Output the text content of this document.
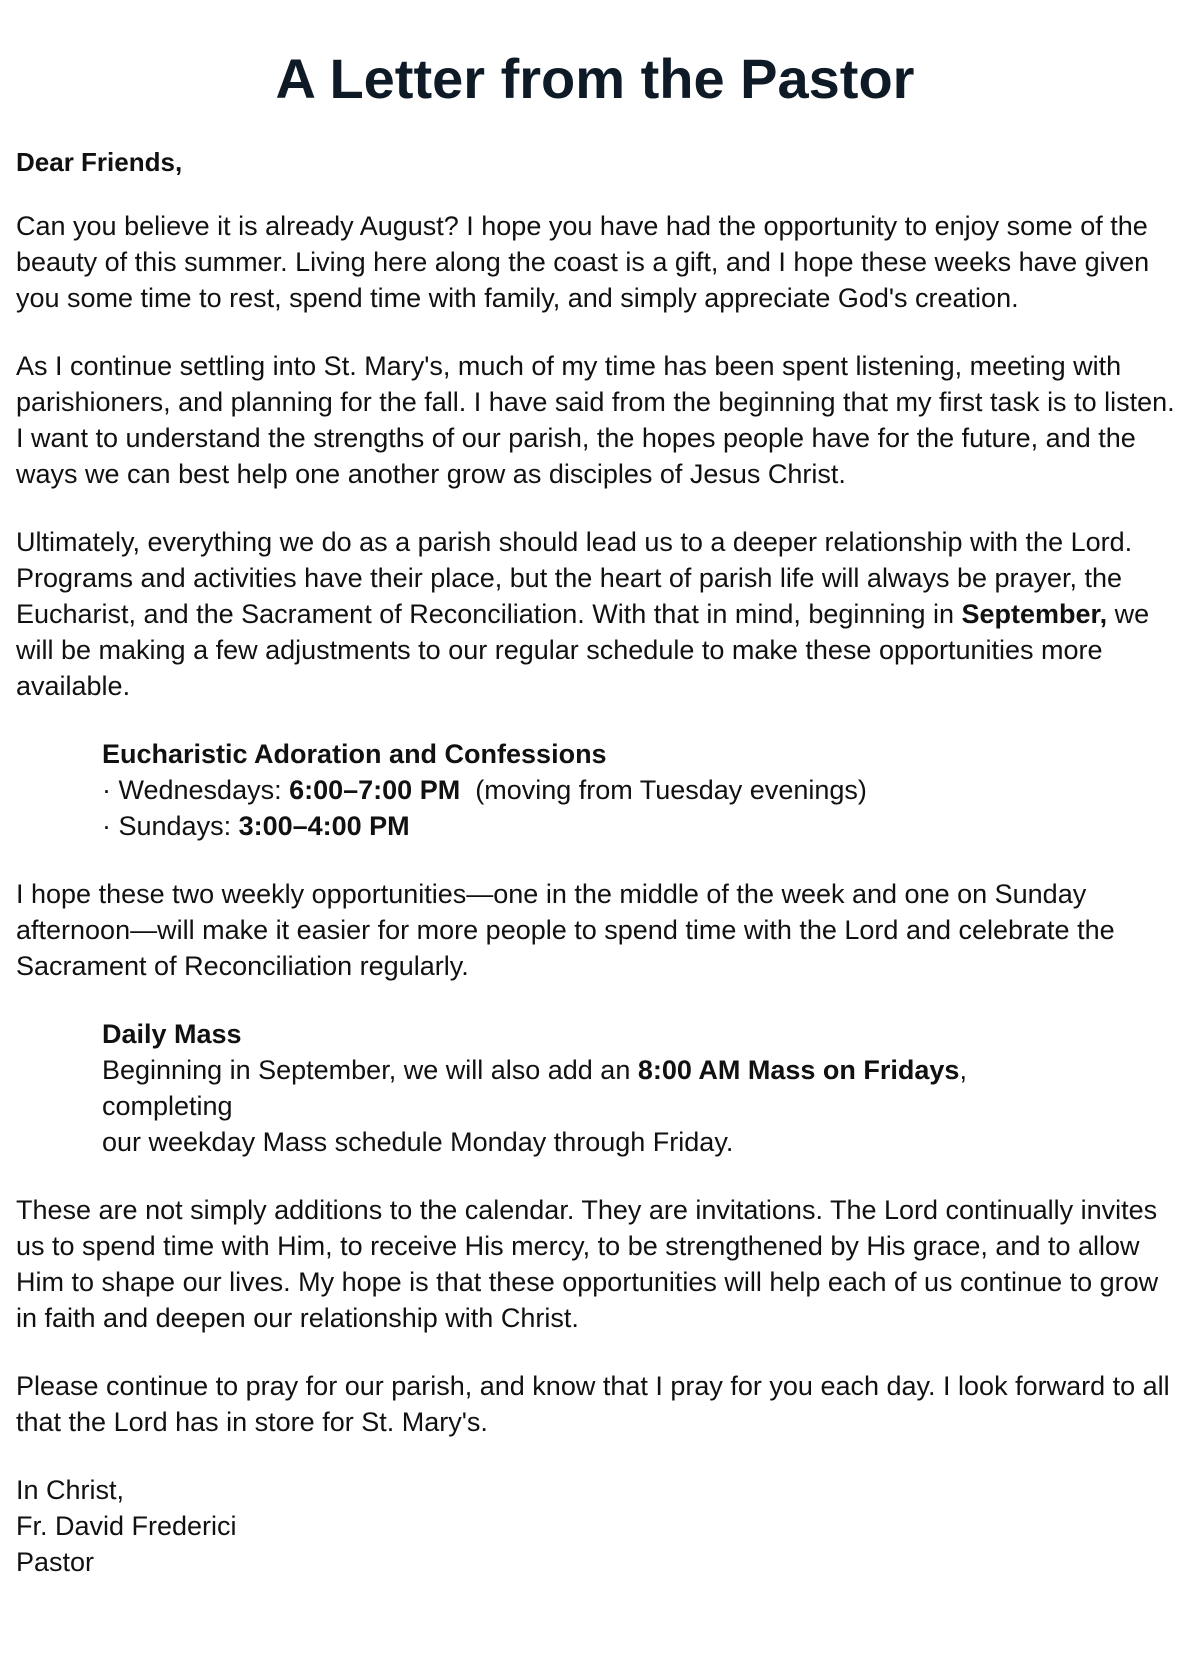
A Letter from the Pastor
Dear Friends,

Can you believe it is already August? I hope you have had the opportunity to enjoy some of the beauty of this summer. Living here along the coast is a gift, and I hope these weeks have given you some time to rest, spend time with family, and simply appreciate God's creation.

As I continue settling into St. Mary's, much of my time has been spent listening, meeting with parishioners, and planning for the fall. I have said from the beginning that my first task is to listen. I want to understand the strengths of our parish, the hopes people have for the future, and the ways we can best help one another grow as disciples of Jesus Christ.

Ultimately, everything we do as a parish should lead us to a deeper relationship with the Lord. Programs and activities have their place, but the heart of parish life will always be prayer, the Eucharist, and the Sacrament of Reconciliation. With that in mind, beginning in September, we will be making a few adjustments to our regular schedule to make these opportunities more available.

Eucharistic Adoration and Confessions
· Wednesdays: 6:00–7:00 PM  (moving from Tuesday evenings)
· Sundays: 3:00–4:00 PM

I hope these two weekly opportunities—one in the middle of the week and one on Sunday afternoon—will make it easier for more people to spend time with the Lord and celebrate the Sacrament of Reconciliation regularly.

Daily Mass
Beginning in September, we will also add an 8:00 AM Mass on Fridays, completing
our weekday Mass schedule Monday through Friday.

These are not simply additions to the calendar. They are invitations. The Lord continually invites us to spend time with Him, to receive His mercy, to be strengthened by His grace, and to allow Him to shape our lives. My hope is that these opportunities will help each of us continue to grow in faith and deepen our relationship with Christ.

Please continue to pray for our parish, and know that I pray for you each day. I look forward to all that the Lord has in store for St. Mary's.

In Christ,
Fr. David Frederici
Pastor
